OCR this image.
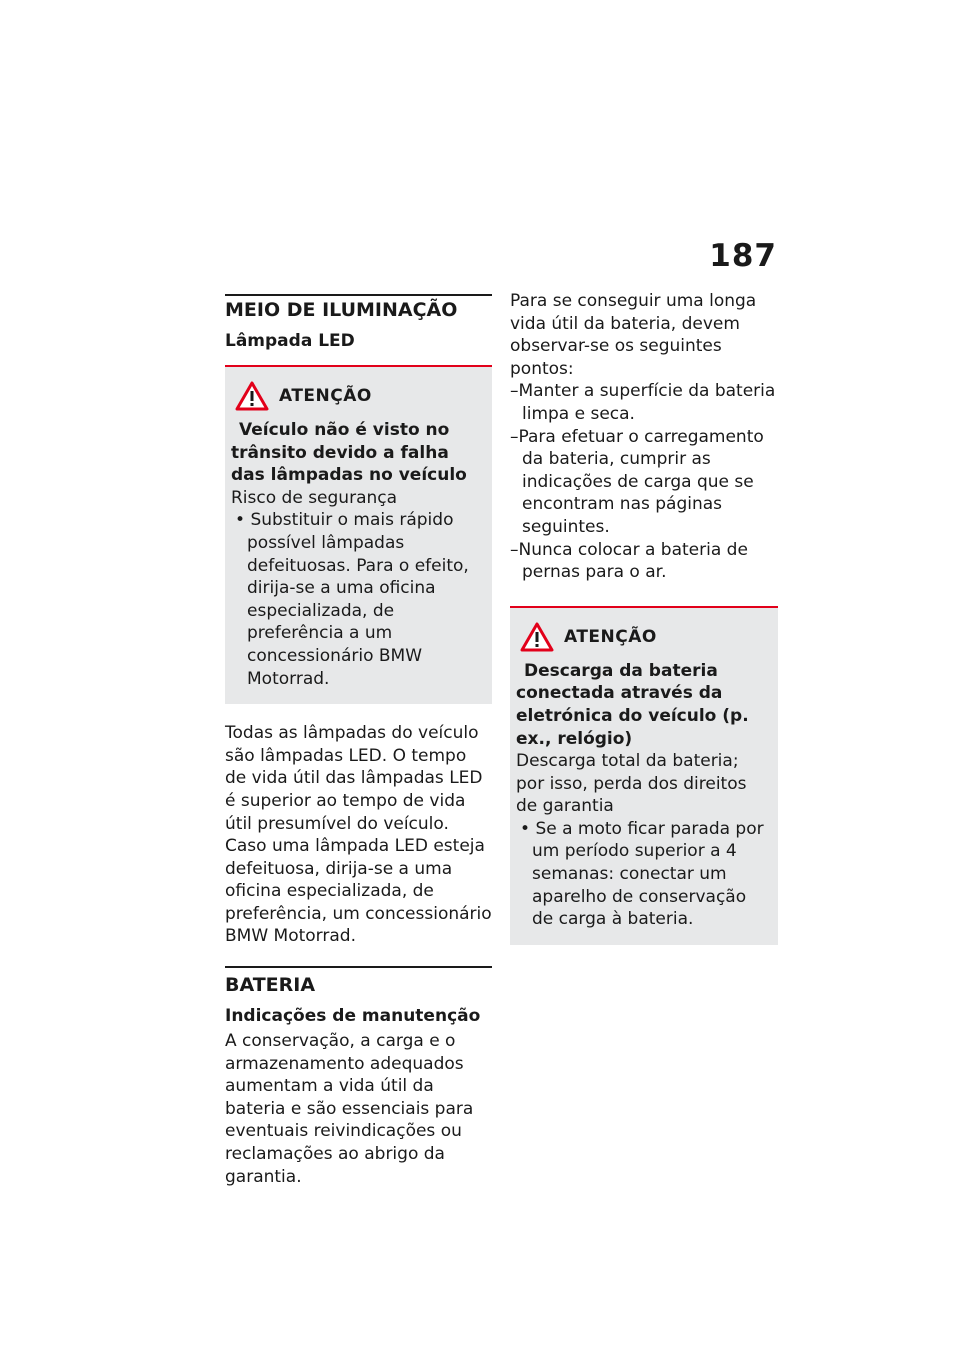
187
MEIO DE ILUMINAÇÃO
Lâmpada LED
ATENÇÃO
Veículo não é visto no trânsito devido a falha das lâmpadas no veículo

Risco de segurança

• Substituir o mais rápido possível lâmpadas defeituosas. Para o efeito, dirija-se a uma oficina especializada, de preferência a um concessionário BMW Motorrad.

Todas as lâmpadas do veículo são lâmpadas LED. O tempo de vida útil das lâmpadas LED é superior ao tempo de vida útil presumível do veículo. Caso uma lâmpada LED esteja defeituosa, dirija-se a uma oficina especializada, de preferência, um concessionário BMW Motorrad.

BATERIA
Indicações de manutenção

A conservação, a carga e o armazenamento adequados aumentam a vida útil da bateria e são essenciais para eventuais reivindicações ou reclamações ao abrigo da garantia.

Para se conseguir uma longa vida útil da bateria, devem observar-se os seguintes pontos:

–Manter a superfície da bateria limpa e seca.
–Para efetuar o carregamento da bateria, cumprir as indicações de carga que se encontram nas páginas seguintes.
–Nunca colocar a bateria de pernas para o ar.
ATENÇÃO
Descarga da bateria conectada através da eletrónica do veículo (p. ex., relógio)

Descarga total da bateria; por isso, perda dos direitos de garantia

• Se a moto ficar parada por um período superior a 4 semanas: conectar um aparelho de conservação de carga à bateria.
